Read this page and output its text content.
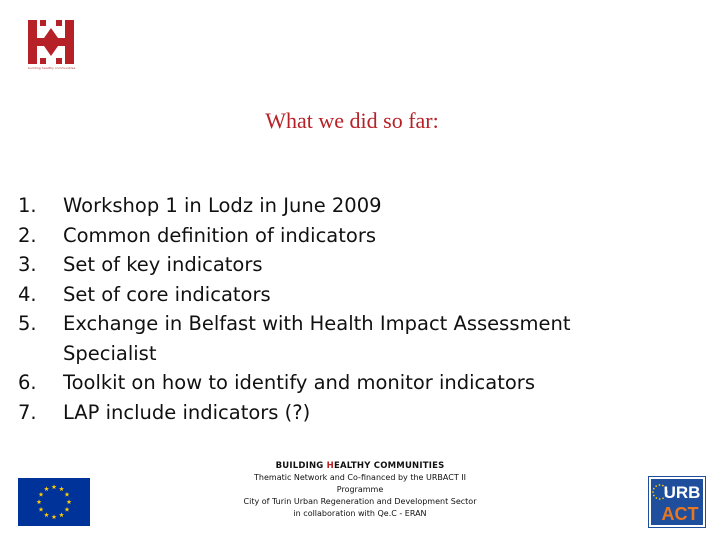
building healthy communities
What we did so far:
1.	Workshop 1 in Lodz in June 2009
2.	Common definition of indicators
3.	Set of key indicators
4.	Set of core indicators
5.	Exchange in Belfast with Health Impact Assessment Specialist
6.	Toolkit on how to identify and monitor indicators
7.	LAP include indicators (?)
BUILDING HEALTHY COMMUNITIES
Thematic Network and Co-financed by the URBACT II
Programme
City of Turin Urban Regeneration and Development Sector
in collaboration with Qe.C - ERAN
URB
ACT
